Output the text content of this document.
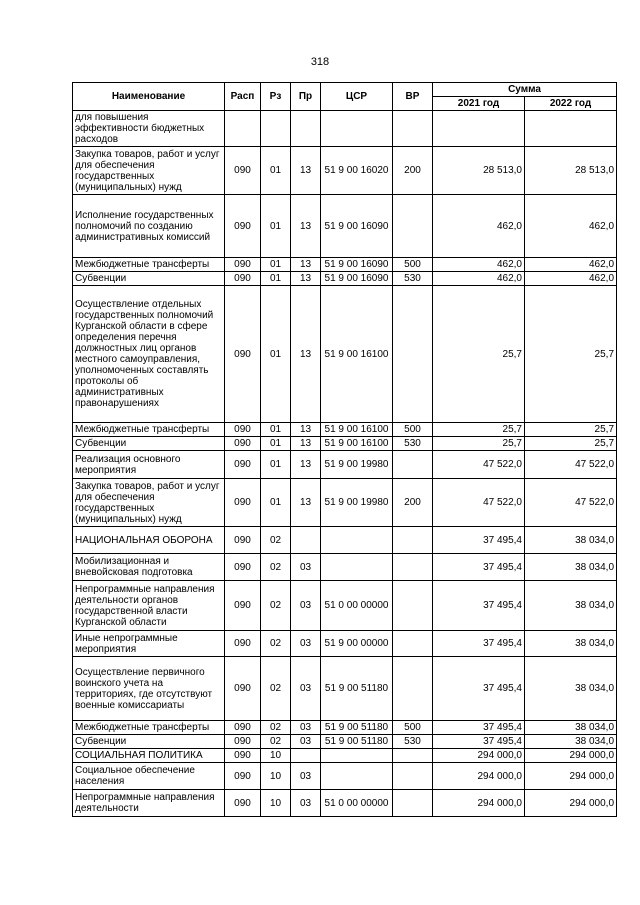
318
Наименование	Расп	Рз	Пр	ЦСР	ВР	Сумма	
						2021 год	2022 год
для повышения эффективности бюджетных расходов							
Закупка товаров, работ и услуг для обеспечения государственных (муниципальных) нужд	090	01	13	51 9 00 16020	200	28 513,0	28 513,0
Исполнение государственных полномочий по созданию административных комиссий	090	01	13	51 9 00 16090		462,0	462,0
Межбюджетные трансферты	090	01	13	51 9 00 16090	500	462,0	462,0
Субвенции	090	01	13	51 9 00 16090	530	462,0	462,0
Осуществление отдельных государственных полномочий Курганской области в сфере определения перечня должностных лиц органов местного самоуправления, уполномоченных составлять протоколы об административных правонарушениях	090	01	13	51 9 00 16100		25,7	25,7
Межбюджетные трансферты	090	01	13	51 9 00 16100	500	25,7	25,7
Субвенции	090	01	13	51 9 00 16100	530	25,7	25,7
Реализация основного мероприятия	090	01	13	51 9 00 19980		47 522,0	47 522,0
Закупка товаров, работ и услуг для обеспечения государственных (муниципальных) нужд	090	01	13	51 9 00 19980	200	47 522,0	47 522,0
НАЦИОНАЛЬНАЯ ОБОРОНА	090	02				37 495,4	38 034,0
Мобилизационная и вневойсковая подготовка	090	02	03			37 495,4	38 034,0
Непрограммные направления деятельности органов государственной власти Курганской области	090	02	03	51 0 00 00000		37 495,4	38 034,0
Иные непрограммные мероприятия	090	02	03	51 9 00 00000		37 495,4	38 034,0
Осуществление первичного воинского учета на территориях, где отсутствуют военные комиссариаты	090	02	03	51 9 00 51180		37 495,4	38 034,0
Межбюджетные трансферты	090	02	03	51 9 00 51180	500	37 495,4	38 034,0
Субвенции	090	02	03	51 9 00 51180	530	37 495,4	38 034,0
СОЦИАЛЬНАЯ ПОЛИТИКА	090	10				294 000,0	294 000,0
Социальное обеспечение населения	090	10	03			294 000,0	294 000,0
Непрограммные направления деятельности	090	10	03	51 0 00 00000		294 000,0	294 000,0
